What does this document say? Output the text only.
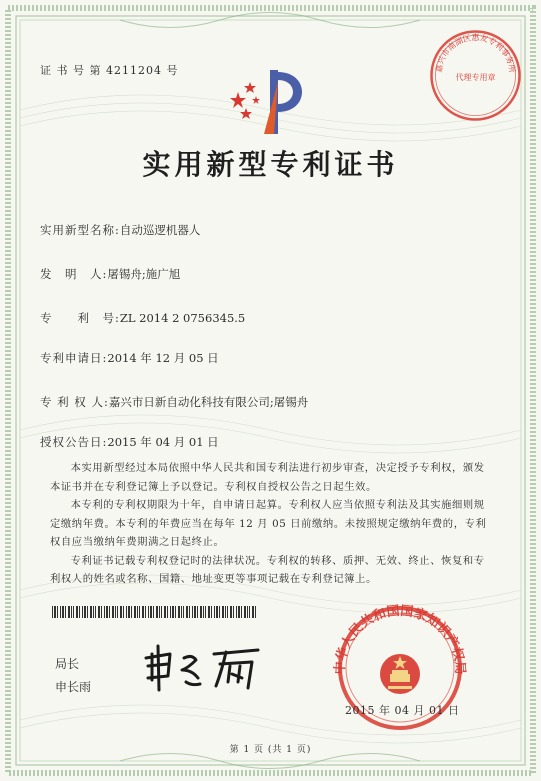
嘉兴市南湖区惠友专利事务所
代理专用章
证 书 号 第 4211204 号
实用新型专利证书
实用新型名称:自动巡逻机器人
发　明　人:屠锡舟;施广旭
专　　利　号:ZL 2014 2 0756345.5
专利申请日:2014 年 12 月 05 日
专 利 权 人:嘉兴市日新自动化科技有限公司;屠锡舟
授权公告日:2015 年 04 月 01 日

本实用新型经过本局依照中华人民共和国专利法进行初步审查，决定授予专利权，颁发本证书并在专利登记簿上予以登记。专利权自授权公告之日起生效。

本专利的专利权期限为十年，自申请日起算。专利权人应当依照专利法及其实施细则规定缴纳年费。本专利的年费应当在每年 12 月 05 日前缴纳。未按照规定缴纳年费的，专利权自应当缴纳年费期满之日起终止。

专利证书记载专利权登记时的法律状况。专利权的转移、质押、无效、终止、恢复和专利权人的姓名或名称、国籍、地址变更等事项记载在专利登记簿上。

局长
申长雨
中华人民共和国国家知识产权局
2015 年 04 月 01 日
第 1 页 (共 1 页)
